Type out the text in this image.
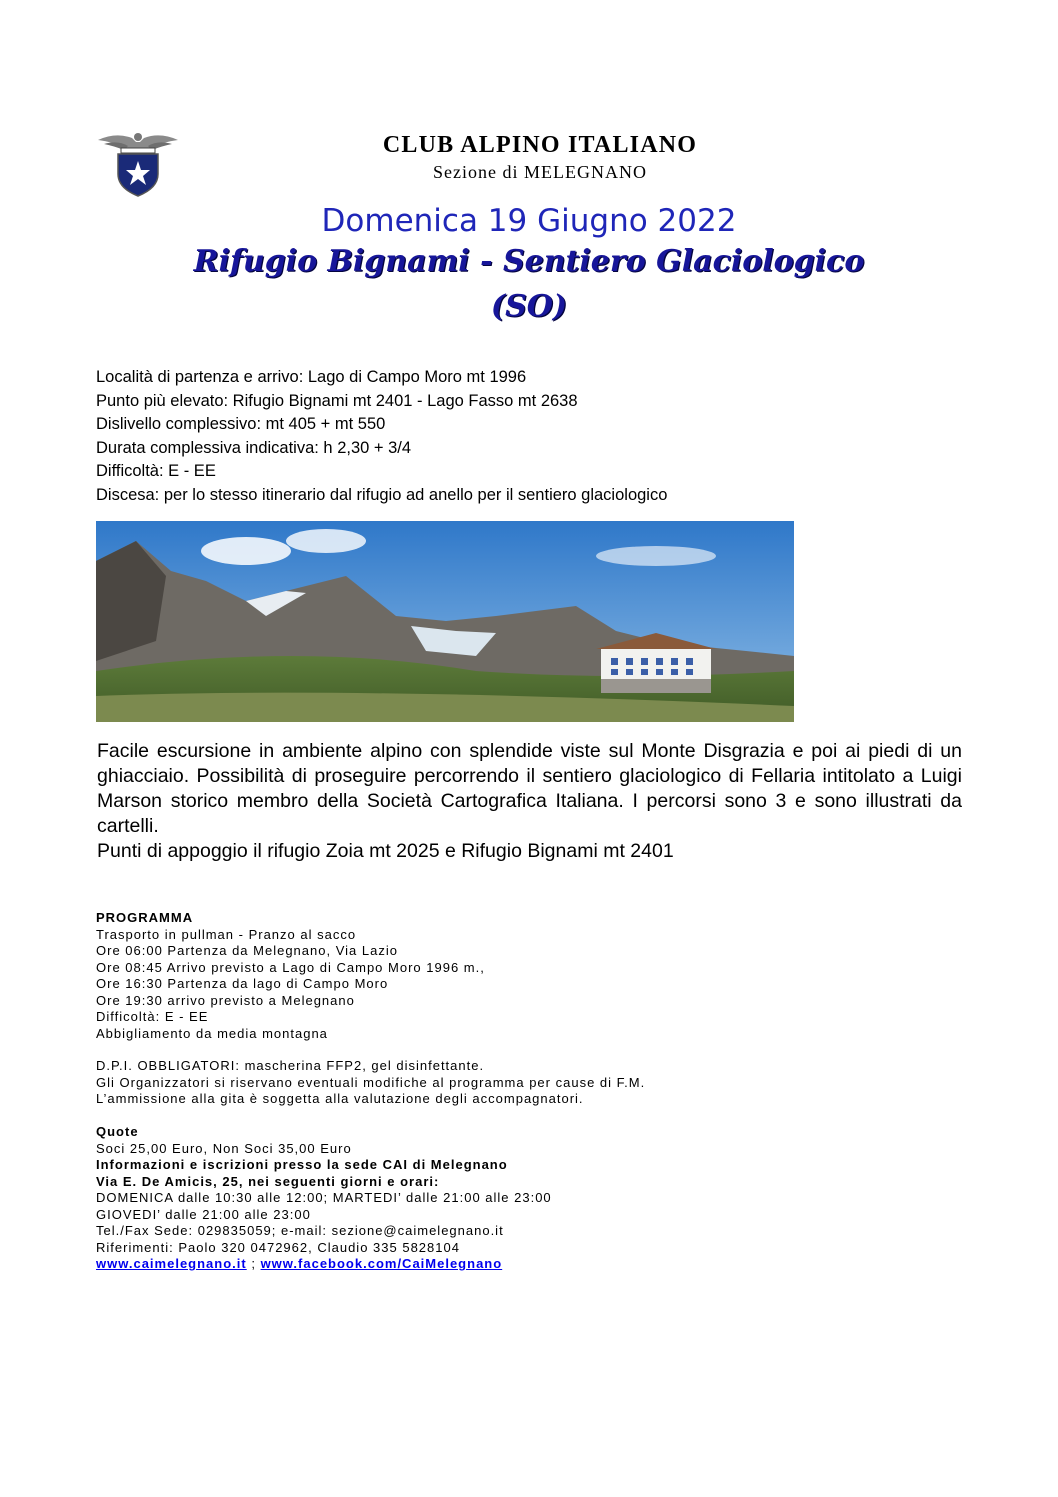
CLUB ALPINO ITALIANO
Sezione di MELEGNANO
Domenica 19 Giugno 2022
Rifugio Bignami - Sentiero Glaciologico
(SO)
Località di partenza e arrivo: Lago di Campo Moro mt 1996
Punto più elevato: Rifugio Bignami mt 2401 - Lago Fasso mt 2638
Dislivello complessivo: mt 405 + mt 550
Durata complessiva indicativa: h 2,30 + 3/4
Difficoltà: E - EE
Discesa: per lo stesso itinerario dal rifugio ad anello per il sentiero glaciologico

Facile escursione in ambiente alpino con splendide viste sul Monte Disgrazia e poi ai piedi di un ghiacciaio. Possibilità di proseguire percorrendo il sentiero glaciologico di Fellaria intitolato a Luigi Marson storico membro della Società Cartografica Italiana. I percorsi sono 3 e sono illustrati da cartelli.

Punti di appoggio il rifugio Zoia mt 2025 e Rifugio Bignami mt 2401

PROGRAMMA
Trasporto in pullman - Pranzo al sacco
Ore 06:00 Partenza da Melegnano, Via Lazio
Ore 08:45 Arrivo previsto a Lago di Campo Moro 1996 m.,
Ore 16:30 Partenza da lago di Campo Moro
Ore 19:30 arrivo previsto a Melegnano
Difficoltà: E - EE
Abbigliamento da media montagna
D.P.I. OBBLIGATORI: mascherina FFP2, gel disinfettante.
Gli Organizzatori si riservano eventuali modifiche al programma per cause di F.M.
L’ammissione alla gita è soggetta alla valutazione degli accompagnatori.
Quote
Soci 25,00 Euro, Non Soci 35,00 Euro
Informazioni e iscrizioni presso la sede CAI di Melegnano
Via E. De Amicis, 25, nei seguenti giorni e orari:
DOMENICA dalle 10:30 alle 12:00; MARTEDI’ dalle 21:00 alle 23:00
GIOVEDI’ dalle 21:00 alle 23:00
Tel./Fax Sede: 029835059; e-mail: sezione@caimelegnano.it
Riferimenti: Paolo 320 0472962, Claudio 335 5828104
www.caimelegnano.it ; www.facebook.com/CaiMelegnano
